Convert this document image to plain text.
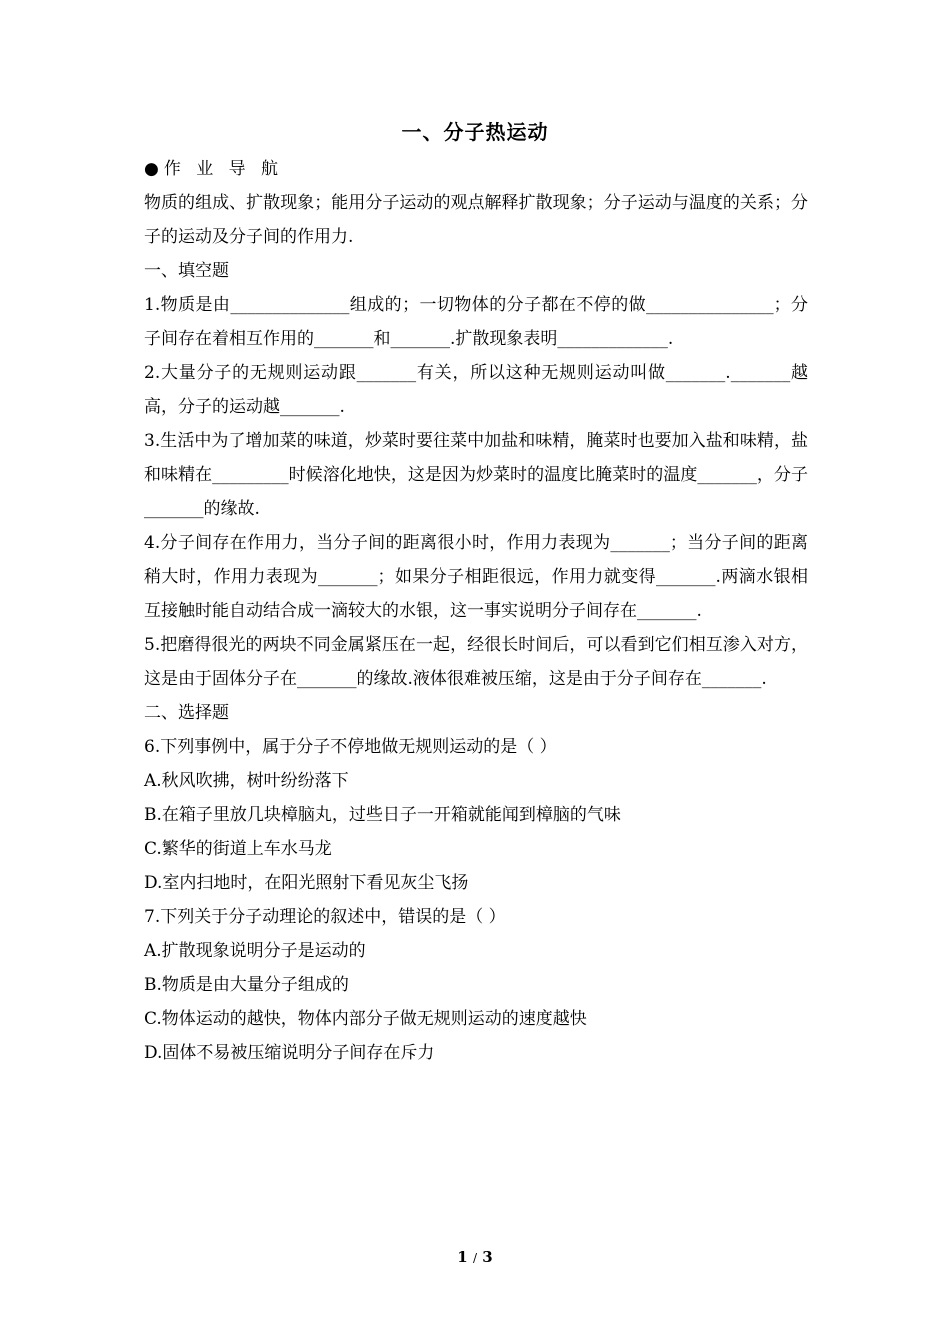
一、分子热运动

●作 业 导 航

物质的组成、扩散现象；能用分子运动的观点解释扩散现象；分子运动与温度的关系；分子的运动及分子间的作用力.

一、填空题

1.物质是由______________组成的；一切物体的分子都在不停的做_______________；分子间存在着相互作用的_______和_______.扩散现象表明_____________.

2.大量分子的无规则运动跟_______有关，所以这种无规则运动叫做_______._______越高，分子的运动越_______.

3.生活中为了增加菜的味道，炒菜时要往菜中加盐和味精，腌菜时也要加入盐和味精，盐和味精在_________时候溶化地快，这是因为炒菜时的温度比腌菜时的温度_______，分子_______的缘故.

4.分子间存在作用力，当分子间的距离很小时，作用力表现为_______；当分子间的距离稍大时，作用力表现为_______；如果分子相距很远，作用力就变得_______.两滴水银相互接触时能自动结合成一滴较大的水银，这一事实说明分子间存在_______.

5.把磨得很光的两块不同金属紧压在一起，经很长时间后，可以看到它们相互渗入对方，这是由于固体分子在_______的缘故.液体很难被压缩，这是由于分子间存在_______.

二、选择题

6.下列事例中，属于分子不停地做无规则运动的是（ ）

A.秋风吹拂，树叶纷纷落下

B.在箱子里放几块樟脑丸，过些日子一开箱就能闻到樟脑的气味

C.繁华的街道上车水马龙

D.室内扫地时，在阳光照射下看见灰尘飞扬

7.下列关于分子动理论的叙述中，错误的是（ ）

A.扩散现象说明分子是运动的

B.物质是由大量分子组成的

C.物体运动的越快，物体内部分子做无规则运动的速度越快

D.固体不易被压缩说明分子间存在斥力

1 / 3
